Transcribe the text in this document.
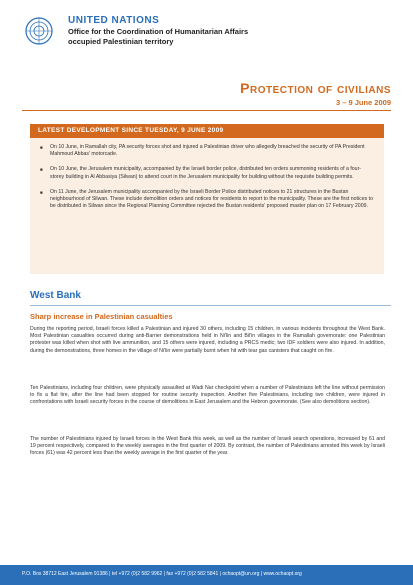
UNITED NATIONS
Office for the Coordination of Humanitarian Affairs
occupied Palestinian territory
Protection of civilians
3 – 9 June 2009
LATEST DEVELOPMENT SINCE TUESDAY, 9 JUNE 2009
■ On 10 June, in Ramallah city, PA security forces shot and injured a Palestinian driver who allegedly breached the security of PA President Mahmoud Abbas' motorcade.
■ On 10 June, the Jerusalem municipality, accompanied by the Israeli border police, distributed ten orders summoning residents of a four-storey building in Al Abbasiya (Silwan) to attend court in the Jerusalem municipality for building without the requisite building permits.
■ On 11 June, the Jerusalem municipality accompanied by the Israeli Border Police distributed notices to 21 structures in the Bustan neighbourhood of Silwan. These include demolition orders and notices for residents to report to the municipality. These are the first notices to be distributed in Silwan since the Regional Planning Committee rejected the Bustan residents' proposed master plan on 17 February 2009.
West Bank
Sharp increase in Palestinian casualties
During the reporting period, Israeli forces killed a Palestinian and injured 30 others, including 15 children, in various incidents throughout the West Bank. Most Palestinian casualties occurred during anti-Barrier demonstrations held in Ni'lin and Bil'in villages in the Ramallah governorate: one Palestinian protester was killed when shot with live ammunition, and 15 others were injured, including a PRCS medic; two IDF soldiers were also injured. In addition, during the demonstrations, three homes in the village of Ni'lin were partially burnt when hit with tear gas canisters that caught on fire.
Ten Palestinians, including four children, were physically assaulted at Wadi Nar checkpoint when a number of Palestinians left the line without permission to fix a flat tire, after the line had been stopped for routine security inspection. Another five Palestinians, including two children, were injured in confrontations with Israeli security forces in the course of demolitions in East Jerusalem and the Hebron governorate. (See also demolitions section).
The number of Palestinians injured by Israeli forces in the West Bank this week, as well as the number of Israeli search operations, increased by 61 and 19 percent respectively, compared to the weekly averages in the first quarter of 2009. By contrast, the number of Palestinians arrested this week by Israeli forces (61) was 42 percent less than the weekly average in the first quarter of the year.
P.O. Box 38712 East Jerusalem 91386 | tel +972 (0)2 582 9962 | fax +972 (0)2 582 5841 | ochaopt@un.org | www.ochaopt.org
